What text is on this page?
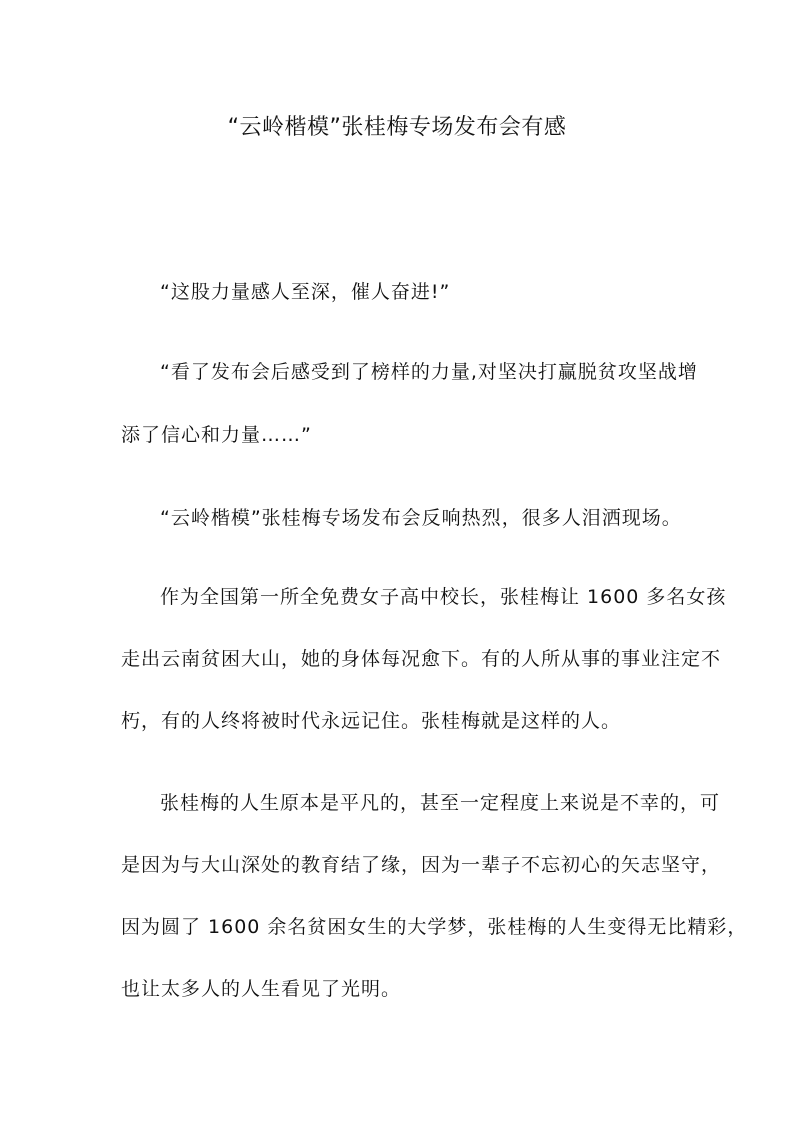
“云岭楷模”张桂梅专场发布会有感

“这股力量感人至深，催人奋进!”

“看了发布会后感受到了榜样的力量,对坚决打赢脱贫攻坚战增

添了信心和力量……”

“云岭楷模”张桂梅专场发布会反响热烈，很多人泪洒现场。

作为全国第一所全免费女子高中校长，张桂梅让 1600 多名女孩

走出云南贫困大山，她的身体每况愈下。有的人所从事的事业注定不

朽，有的人终将被时代永远记住。张桂梅就是这样的人。

张桂梅的人生原本是平凡的，甚至一定程度上来说是不幸的，可

是因为与大山深处的教育结了缘，因为一辈子不忘初心的矢志坚守，

因为圆了 1600 余名贫困女生的大学梦，张桂梅的人生变得无比精彩，

也让太多人的人生看见了光明。
